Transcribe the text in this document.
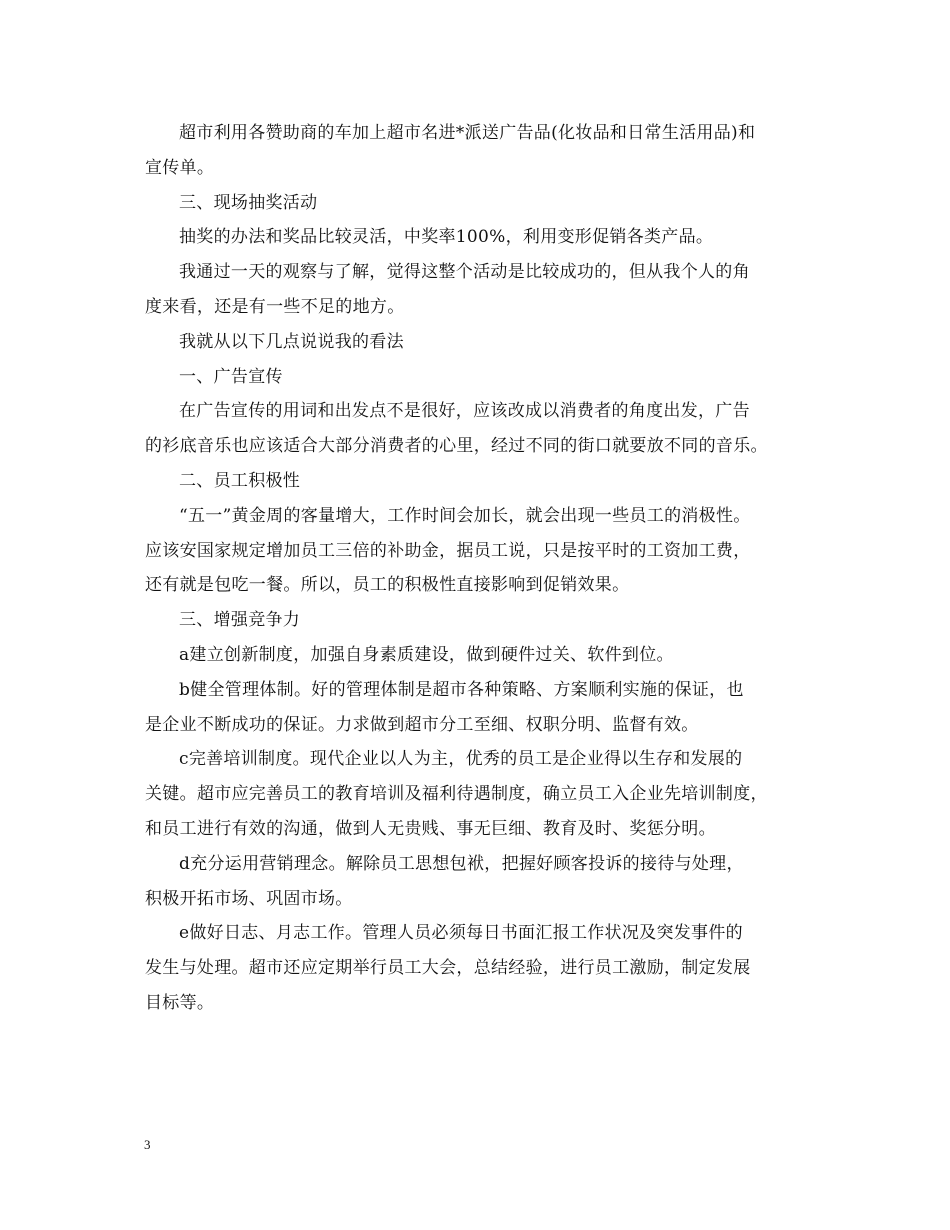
超市利用各赞助商的车加上超市名进*派送广告品(化妆品和日常生活用品)和
宣传单。
三、现场抽奖活动
抽奖的办法和奖品比较灵活，中奖率100%，利用变形促销各类产品。
我通过一天的观察与了解，觉得这整个活动是比较成功的，但从我个人的角
度来看，还是有一些不足的地方。
我就从以下几点说说我的看法
一、广告宣传
在广告宣传的用词和出发点不是很好，应该改成以消费者的角度出发，广告
的衫底音乐也应该适合大部分消费者的心里，经过不同的街口就要放不同的音乐。
二、员工积极性
“五一”黄金周的客量增大，工作时间会加长，就会出现一些员工的消极性。
应该安国家规定增加员工三倍的补助金，据员工说，只是按平时的工资加工费，
还有就是包吃一餐。所以，员工的积极性直接影响到促销效果。
三、增强竞争力
a建立创新制度，加强自身素质建设，做到硬件过关、软件到位。
b健全管理体制。好的管理体制是超市各种策略、方案顺利实施的保证，也
是企业不断成功的保证。力求做到超市分工至细、权职分明、监督有效。
c完善培训制度。现代企业以人为主，优秀的员工是企业得以生存和发展的
关键。超市应完善员工的教育培训及福利待遇制度，确立员工入企业先培训制度，
和员工进行有效的沟通，做到人无贵贱、事无巨细、教育及时、奖惩分明。
d充分运用营销理念。解除员工思想包袱，把握好顾客投诉的接待与处理，
积极开拓市场、巩固市场。
e做好日志、月志工作。管理人员必须每日书面汇报工作状况及突发事件的
发生与处理。超市还应定期举行员工大会，总结经验，进行员工激励，制定发展
目标等。
3
